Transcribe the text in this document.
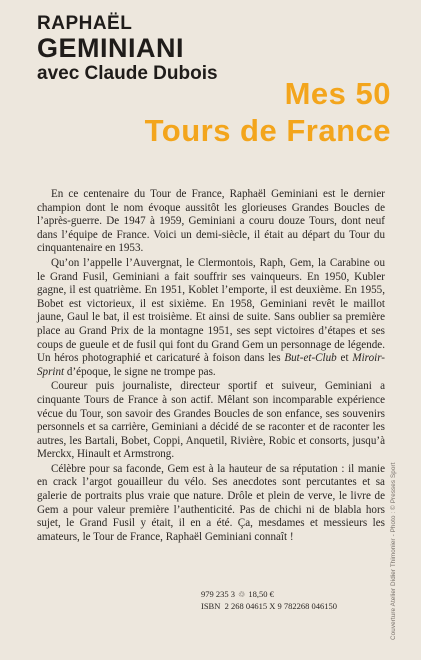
RAPHAËL
GEMINIANI
avec Claude Dubois
Mes 50
Tours de France

En ce centenaire du Tour de France, Raphaël Geminiani est le dernier champion dont le nom évoque aussitôt les glorieuses Grandes Boucles de l’après-guerre. De 1947 à 1959, Geminiani a couru douze Tours, dont neuf dans l’équipe de France. Voici un demi-siècle, il était au départ du Tour du cinquantenaire en 1953.

Qu’on l’appelle l’Auvergnat, le Clermontois, Raph, Gem, la Carabine ou le Grand Fusil, Geminiani a fait souffrir ses vainqueurs. En 1950, Kubler gagne, il est quatrième. En 1951, Koblet l’emporte, il est deuxième. En 1955, Bobet est victorieux, il est sixième. En 1958, Geminiani revêt le maillot jaune, Gaul le bat, il est troisième. Et ainsi de suite. Sans oublier sa première place au Grand Prix de la montagne 1951, ses sept victoires d’étapes et ses coups de gueule et de fusil qui font du Grand Gem un personnage de légende. Un héros photographié et caricaturé à foison dans les But-et-Club et Miroir-Sprint d’époque, le signe ne trompe pas.

Coureur puis journaliste, directeur sportif et suiveur, Geminiani a cinquante Tours de France à son actif. Mêlant son incomparable expérience vécue du Tour, son savoir des Grandes Boucles de son enfance, ses souvenirs personnels et sa carrière, Geminiani a décidé de se raconter et de raconter les autres, les Bartali, Bobet, Coppi, Anquetil, Rivière, Robic et consorts, jusqu’à Merckx, Hinault et Armstrong.

Célèbre pour sa faconde, Gem est à la hauteur de sa réputation : il manie en crack l’argot gouailleur du vélo. Ses anecdotes sont percutantes et sa galerie de portraits plus vraie que nature. Drôle et plein de verve, le livre de Gem a pour valeur première l’authenticité. Pas de chichi ni de blabla hors sujet, le Grand Fusil y était, il en a été. Ça, mesdames et messieurs les amateurs, le Tour de France, Raphaël Geminiani connaît !	Couverture Atelier Didier Thimonier - Photo : © Presses Sport
979 235 3 ♲ 18,50 €
ISBN 2 268 04615 X 9 782268 046150
